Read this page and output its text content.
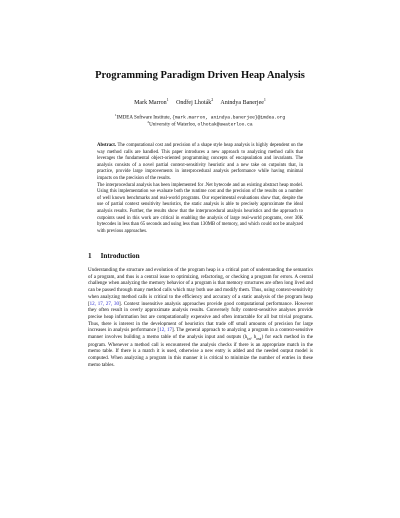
Programming Paradigm Driven Heap Analysis
Mark Marron$^1$     Ondřej Lhoták$^2$     Anindya Banerjee$^1$
$^1$IMDEA Software Institute, {mark.marron, anindya.banerjee}@imdea.org
$^2$University of Waterloo, olhotak@uwaterloo.ca

Abstract. The computational cost and precision of a shape style heap analysis is highly dependent on the way method calls are handled. This paper introduces a new approach to analyzing method calls that leverages the fundamental object-oriented programming concepts of encapsulation and invariants. The analysis consists of a novel partial context-sensitivity heuristic and a new take on cutpoints that, in practice, provide large improvements in interprocedural analysis performance while having minimal impacts on the precision of the results.

The interprocedural analysis has been implemented for .Net bytecode and an existing abstract heap model. Using this implementation we evaluate both the runtime cost and the precision of the results on a number of well known benchmarks and real-world programs. Our experimental evaluations show that, despite the use of partial context sensitivity heuristics, the static analysis is able to precisely approximate the ideal analysis results. Further, the results show that the interprocedural analysis heuristics and the approach to cutpoints used in this work are critical in enabling the analysis of large real-world programs, over 30K bytecodes in less than 65 seconds and using less than 130MB of memory, and which could not be analyzed with previous approaches.

1 Introduction

Understanding the structure and evolution of the program heap is a critical part of understanding the semantics of a program, and thus is a central issue to optimizing, refactoring, or checking a program for errors. A central challenge when analyzing the memory behavior of a program is that memory structures are often long lived and can be passed through many method calls which may both use and modify them. Thus, using context-sensitivity when analyzing method calls is critical to the efficiency and accuracy of a static analysis of the program heap [12, 17, 27, 30]. Context insensitive analysis approaches provide good computational performance. However they often result in overly approximate analysis results. Conversely fully context-sensitive analyses provide precise heap information but are computationally expensive and often intractable for all but trivial programs. Thus, there is interest in the development of heuristics that trade off small amounts of precision for large increases in analysis performance [12, 17]. The general approach to analyzing a program in a context-sensitive manner involves building a memo table of the analysis input and outputs ($h_{in}$, $h_{out}$) for each method in the program. Whenever a method call is encountered the analysis checks if there is an appropriate match in the memo table. If there is a match it is used, otherwise a new entry is added and the needed output model is computed. When analyzing a program in this manner it is critical to minimize the number of entries in these memo tables.
